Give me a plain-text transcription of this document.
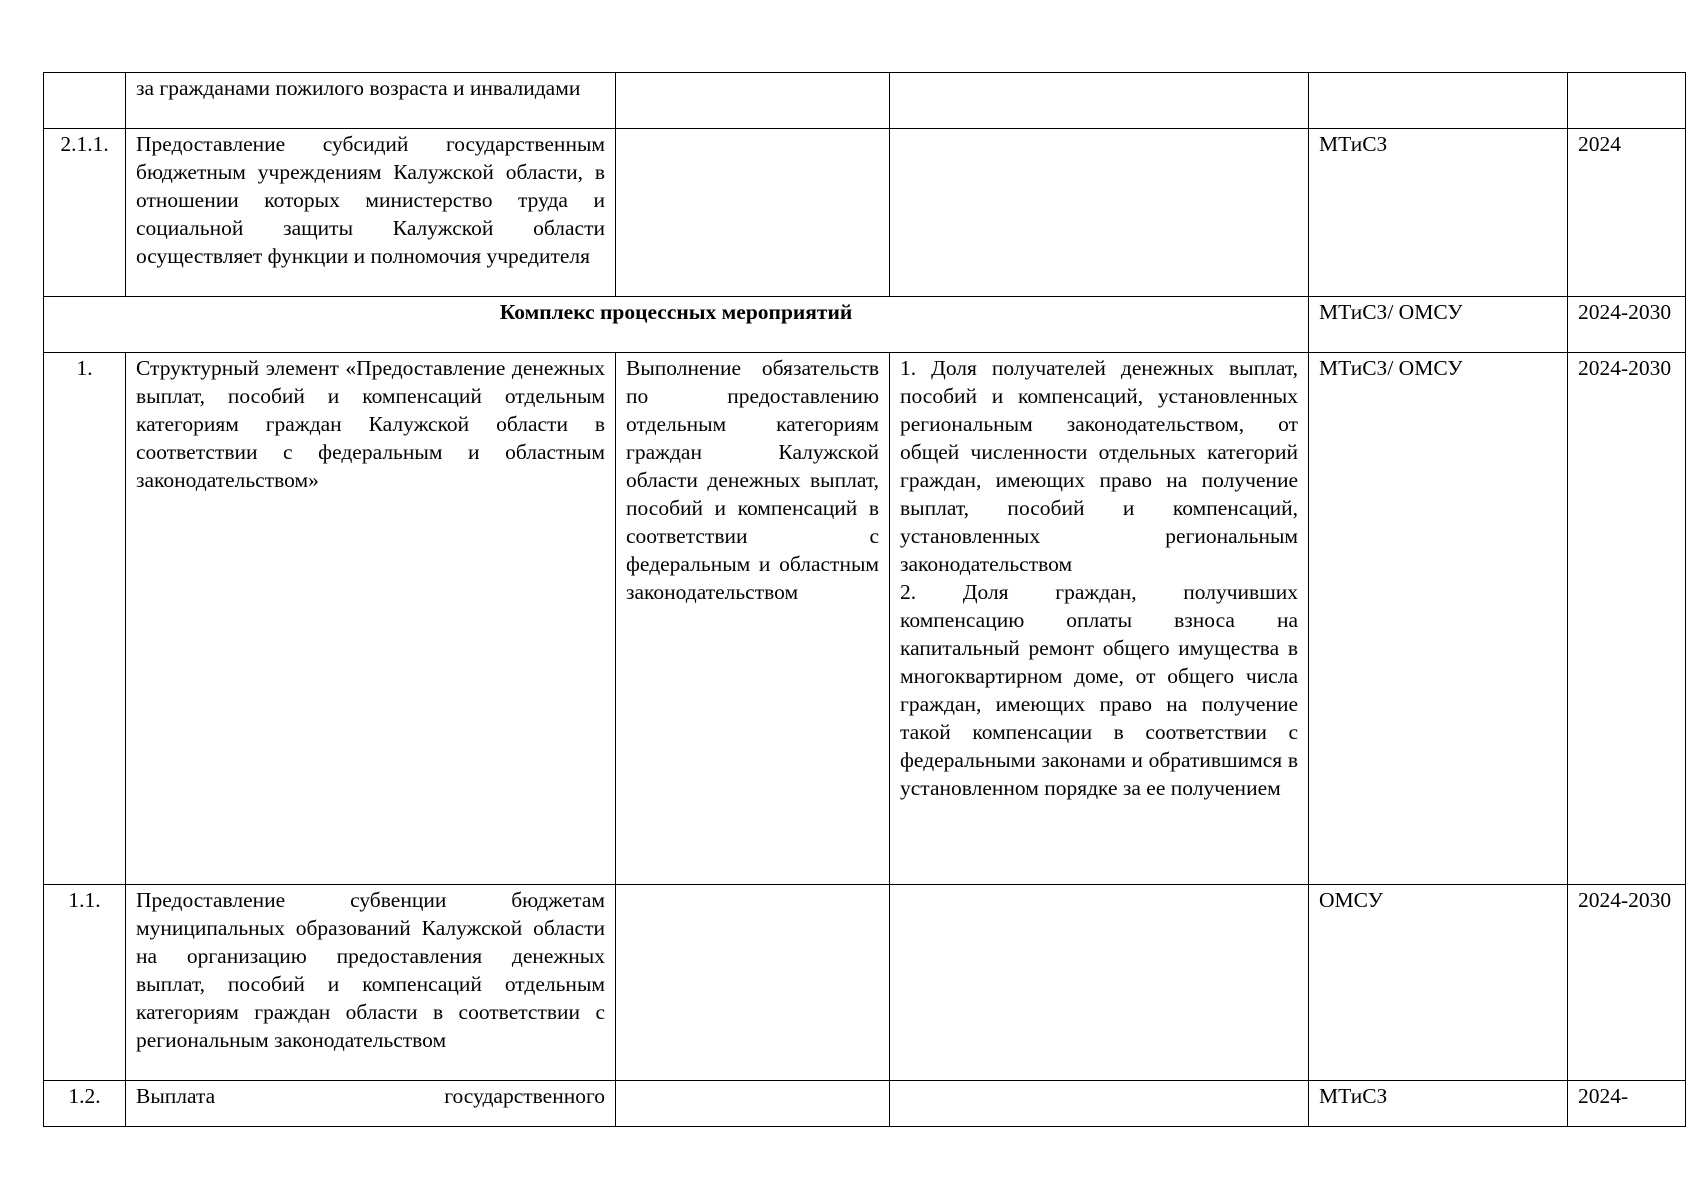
	за гражданами пожилого возраста и инвалидами				
2.1.1.	Предоставление субсидий государственным бюджетным учреждениям Калужской области, в отношении которых министерство труда и социальной защиты Калужской области осуществляет функции и полномочия учредителя			МТиСЗ	2024
Комплекс процессных мероприятий				МТиСЗ/ ОМСУ	2024-2030
1.	Структурный элемент «Предоставление денежных выплат, пособий и компенсаций отдельным категориям граждан Калужской области в соответствии с федеральным и областным законодательством»	Выполнение обязательств по предоставлению отдельным категориям граждан Калужской области денежных выплат, пособий и компенсаций в соответствии с федеральным и областным законодательством	1. Доля получателей денежных выплат, пособий и компенсаций, установленных региональным законодательством, от общей численности отдельных категорий граждан, имеющих право на получение выплат, пособий и компенсаций, установленных региональным законодательством
2. Доля граждан, получивших компенсацию оплаты взноса на капитальный ремонт общего имущества в многоквартирном доме, от общего числа граждан, имеющих право на получение такой компенсации в соответствии с федеральными законами и обратившимся в установленном порядке за ее получением	МТиСЗ/ ОМСУ	2024-2030
1.1.	Предоставление субвенции бюджетам муниципальных образований Калужской области на организацию предоставления денежных выплат, пособий и компенсаций отдельным категориям граждан области в соответствии с региональным законодательством			ОМСУ	2024-2030
1.2.	Выплата государственного			МТиСЗ	2024-
